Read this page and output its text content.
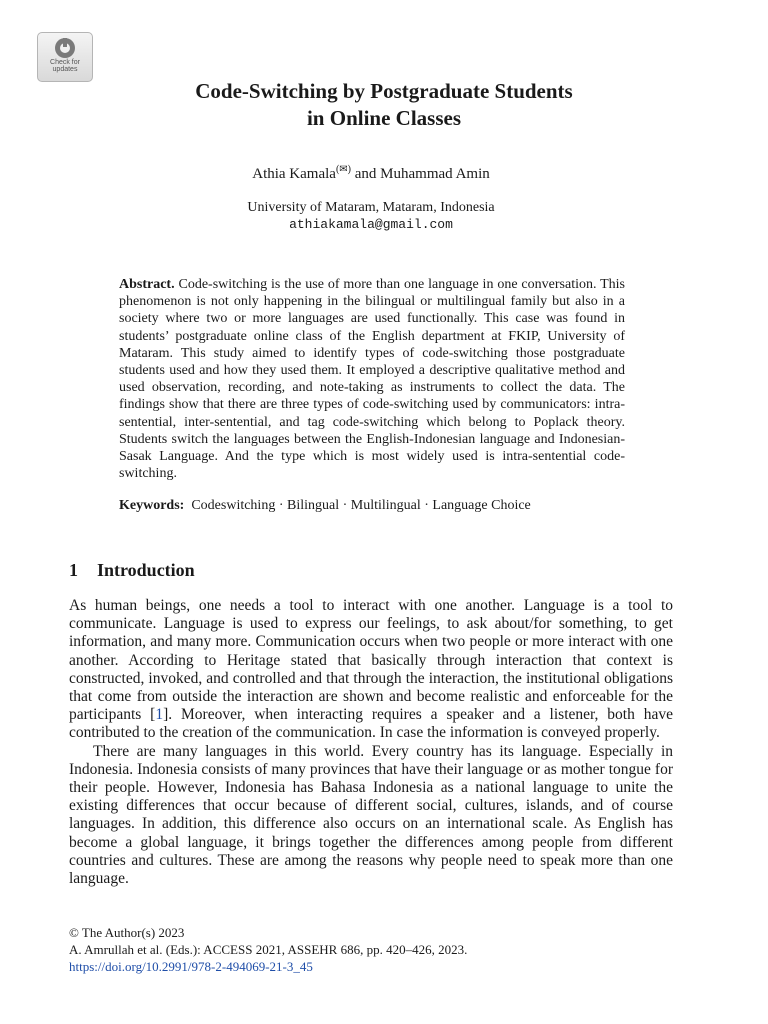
Check for
updates
Code-Switching by Postgraduate Students
in Online Classes
Athia Kamala(✉) and Muhammad Amin
University of Mataram, Mataram, Indonesia
athiakamala@gmail.com
Abstract. Code-switching is the use of more than one language in one conversation. This phenomenon is not only happening in the bilingual or multilingual family but also in a society where two or more languages are used functionally. This case was found in students’ postgraduate online class of the English department at FKIP, University of Mataram. This study aimed to identify types of code-switching those postgraduate students used and how they used them. It employed a descriptive qualitative method and used observation, recording, and note-taking as instruments to collect the data. The findings show that there are three types of code-switching used by communicators: intra-sentential, inter-sentential, and tag code-switching which belong to Poplack theory. Students switch the languages between the English-Indonesian language and Indonesian-Sasak Language. And the type which is most widely used is intra-sentential code-switching.
Keywords: Codeswitching · Bilingual · Multilingual · Language Choice
1 Introduction

As human beings, one needs a tool to interact with one another. Language is a tool to communicate. Language is used to express our feelings, to ask about/for something, to get information, and many more. Communication occurs when two people or more interact with one another. According to Heritage stated that basically through interaction that context is constructed, invoked, and controlled and that through the interaction, the institutional obligations that come from outside the interaction are shown and become realistic and enforceable for the participants [1]. Moreover, when interacting requires a speaker and a listener, both have contributed to the creation of the communication. In case the information is conveyed properly.

There are many languages in this world. Every country has its language. Especially in Indonesia. Indonesia consists of many provinces that have their language or as mother tongue for their people. However, Indonesia has Bahasa Indonesia as a national language to unite the existing differences that occur because of different social, cultures, islands, and of course languages. In addition, this difference also occurs on an international scale. As English has become a global language, it brings together the differences among people from different countries and cultures. These are among the reasons why people need to speak more than one language.

© The Author(s) 2023
A. Amrullah et al. (Eds.): ACCESS 2021, ASSEHR 686, pp. 420–426, 2023.
https://doi.org/10.2991/978-2-494069-21-3_45
